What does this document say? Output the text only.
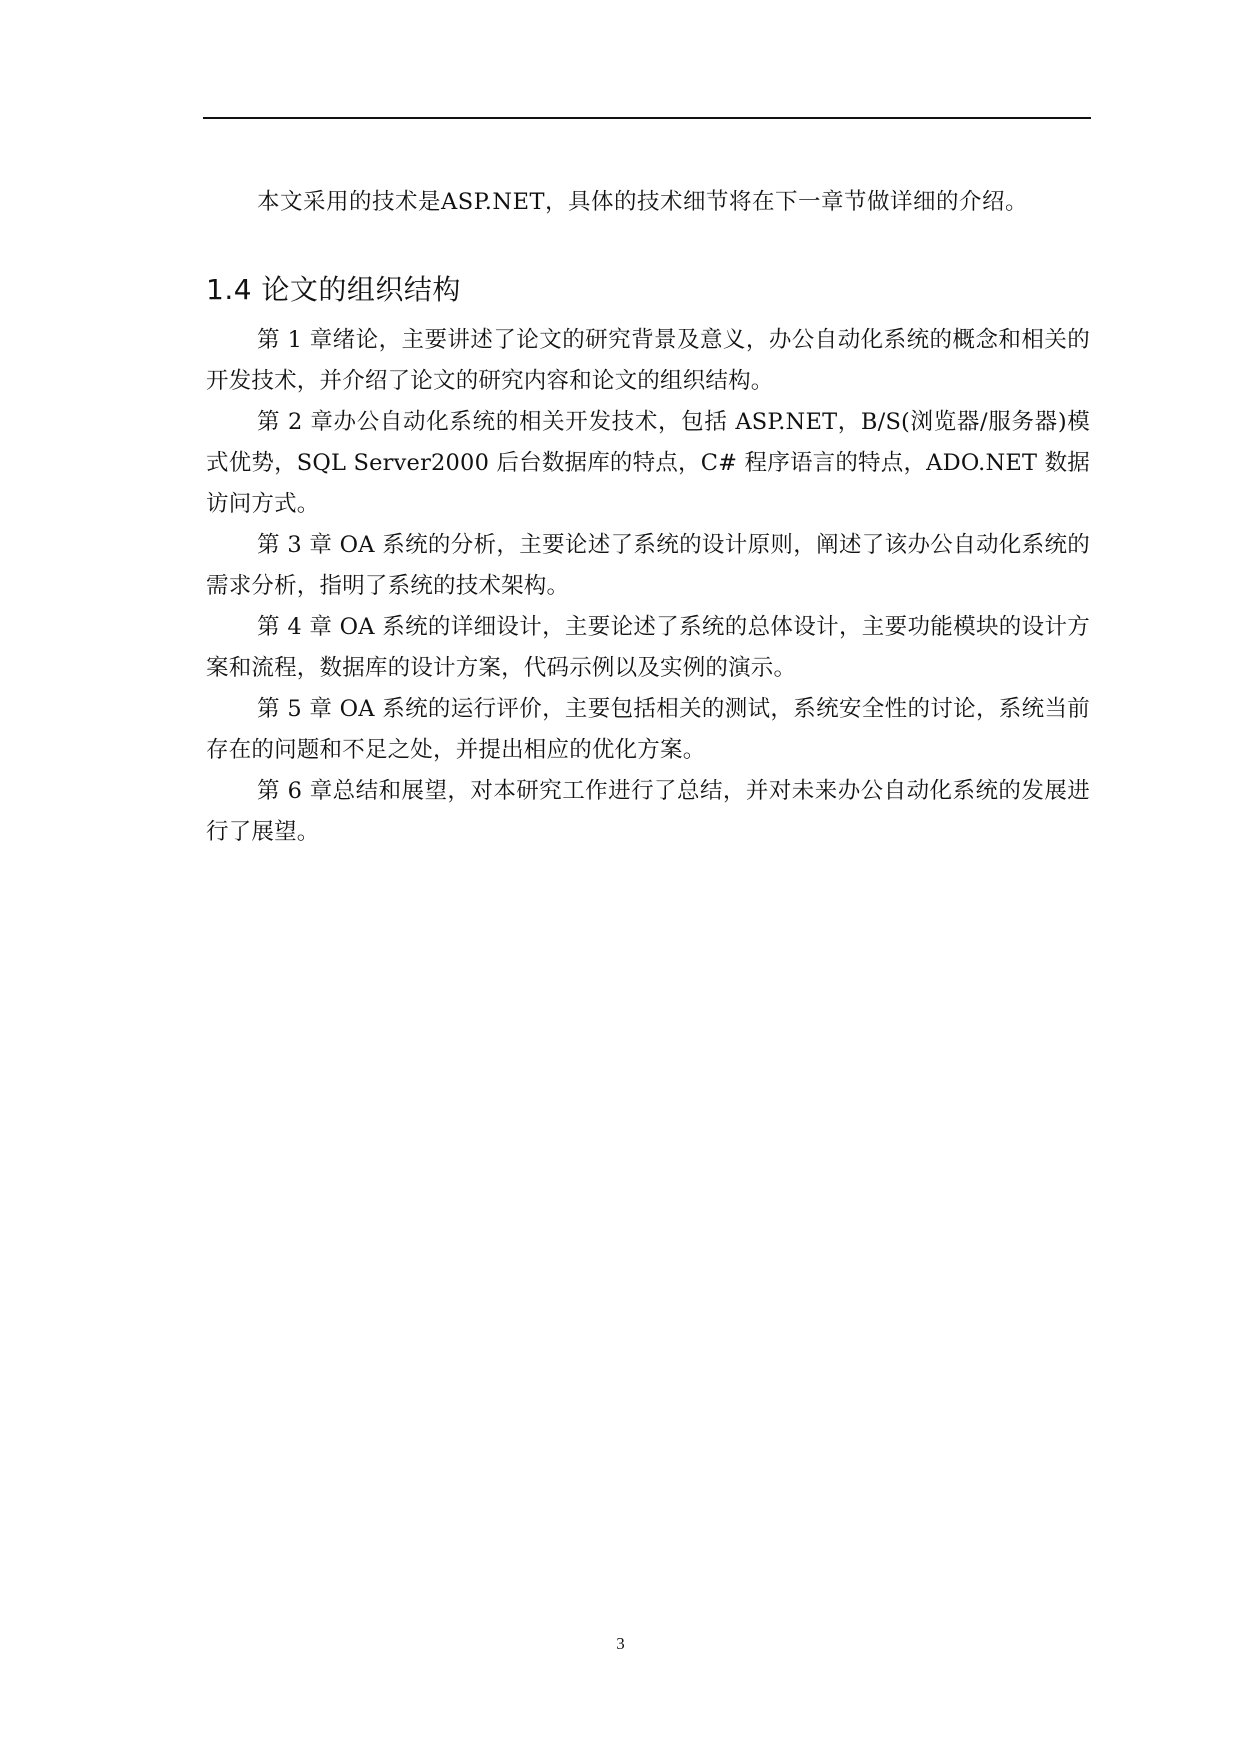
本文采用的技术是ASP.NET，具体的技术细节将在下一章节做详细的介绍。

1.4 论文的组织结构

第 1 章绪论，主要讲述了论文的研究背景及意义，办公自动化系统的概念和相关的开发技术，并介绍了论文的研究内容和论文的组织结构。

第 2 章办公自动化系统的相关开发技术，包括 ASP.NET，B/S(浏览器/服务器)模式优势，SQL Server2000 后台数据库的特点，C# 程序语言的特点，ADO.NET 数据访问方式。

第 3 章 OA 系统的分析，主要论述了系统的设计原则，阐述了该办公自动化系统的需求分析，指明了系统的技术架构。

第 4 章 OA 系统的详细设计，主要论述了系统的总体设计，主要功能模块的设计方案和流程，数据库的设计方案，代码示例以及实例的演示。

第 5 章 OA 系统的运行评价，主要包括相关的测试，系统安全性的讨论，系统当前存在的问题和不足之处，并提出相应的优化方案。

第 6 章总结和展望，对本研究工作进行了总结，并对未来办公自动化系统的发展进行了展望。

3
